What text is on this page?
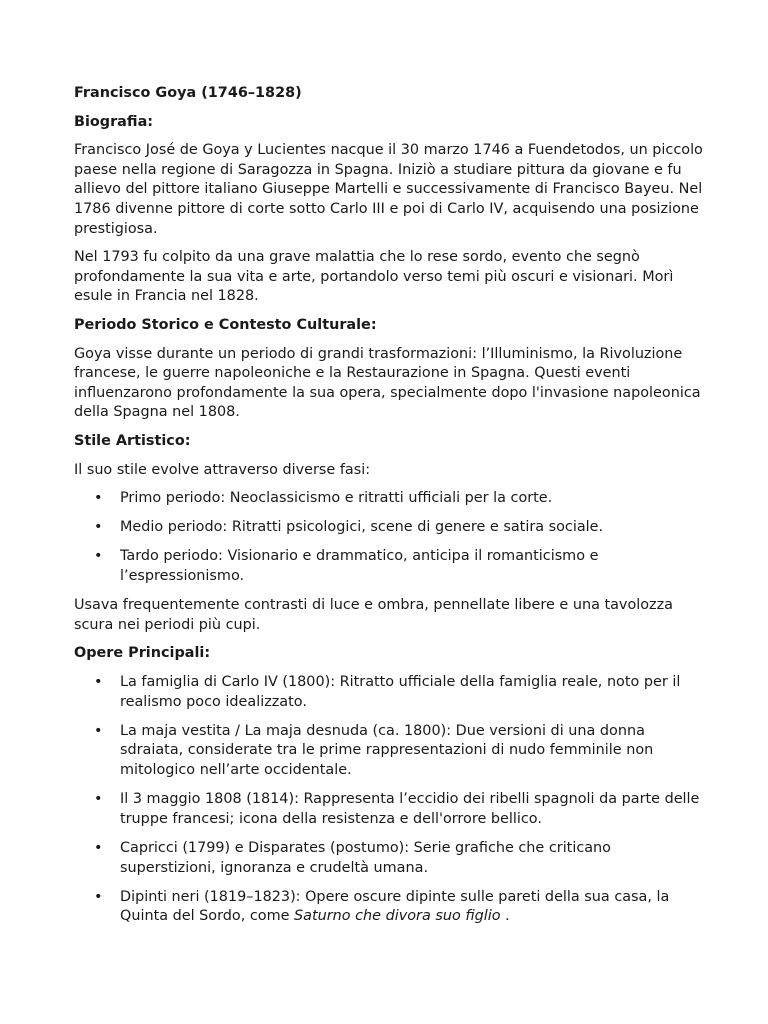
Francisco Goya (1746–1828)
Biografia:

Francisco José de Goya y Lucientes nacque il 30 marzo 1746 a Fuendetodos, un piccolo paese nella regione di Saragozza in Spagna. Iniziò a studiare pittura da giovane e fu allievo del pittore italiano Giuseppe Martelli e successivamente di Francisco Bayeu. Nel 1786 divenne pittore di corte sotto Carlo III e poi di Carlo IV, acquisendo una posizione prestigiosa.

Nel 1793 fu colpito da una grave malattia che lo rese sordo, evento che segnò profondamente la sua vita e arte, portandolo verso temi più oscuri e visionari. Morì esule in Francia nel 1828.

Periodo Storico e Contesto Culturale:

Goya visse durante un periodo di grandi trasformazioni: l’Illuminismo, la Rivoluzione francese, le guerre napoleoniche e la Restaurazione in Spagna. Questi eventi influenzarono profondamente la sua opera, specialmente dopo l'invasione napoleonica della Spagna nel 1808.

Stile Artistico:

Il suo stile evolve attraverso diverse fasi:

• Primo periodo: Neoclassicismo e ritratti ufficiali per la corte.
• Medio periodo: Ritratti psicologici, scene di genere e satira sociale.
• Tardo periodo: Visionario e drammatico, anticipa il romanticismo e l’espressionismo.

Usava frequentemente contrasti di luce e ombra, pennellate libere e una tavolozza scura nei periodi più cupi.

Opere Principali:
• La famiglia di Carlo IV (1800): Ritratto ufficiale della famiglia reale, noto per il realismo poco idealizzato.
• La maja vestita / La maja desnuda (ca. 1800): Due versioni di una donna sdraiata, considerate tra le prime rappresentazioni di nudo femminile non mitologico nell’arte occidentale.
• Il 3 maggio 1808 (1814): Rappresenta l’eccidio dei ribelli spagnoli da parte delle truppe francesi; icona della resistenza e dell'orrore bellico.
• Capricci (1799) e Disparates (postumo): Serie grafiche che criticano superstizioni, ignoranza e crudeltà umana.
• Dipinti neri (1819–1823): Opere oscure dipinte sulle pareti della sua casa, la Quinta del Sordo, come Saturno che divora suo figlio .
